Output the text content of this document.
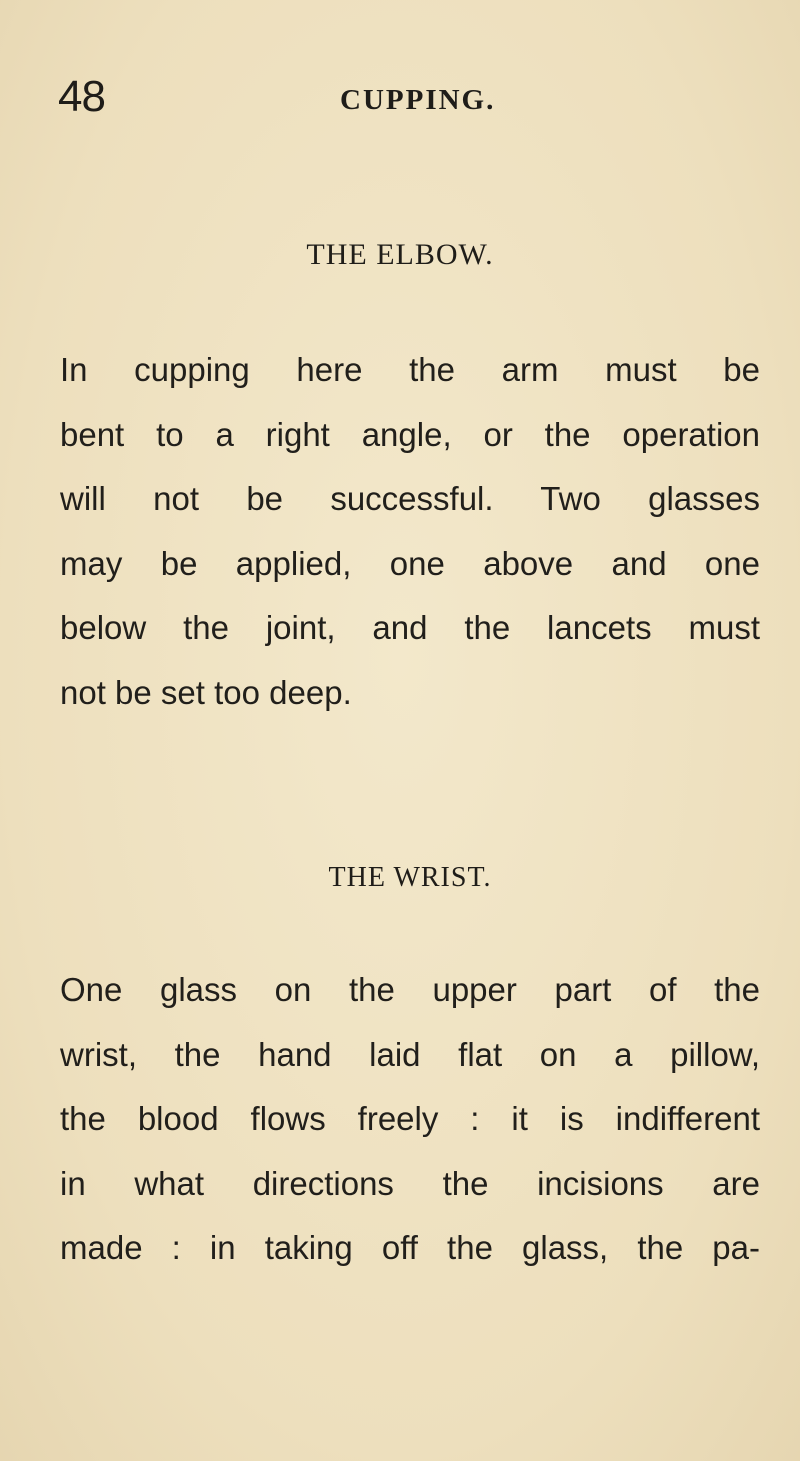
48	CUPPING.
THE ELBOW.
In cupping here the arm must be
bent to a right angle, or the operation
will not be successful. Two glasses
may be applied, one above and one
below the joint, and the lancets must
not be set too deep.
THE WRIST.
One glass on the upper part of the
wrist, the hand laid flat on a pillow,
the blood flows freely : it is indifferent
in what directions the incisions are
made : in taking off the glass, the pa-
